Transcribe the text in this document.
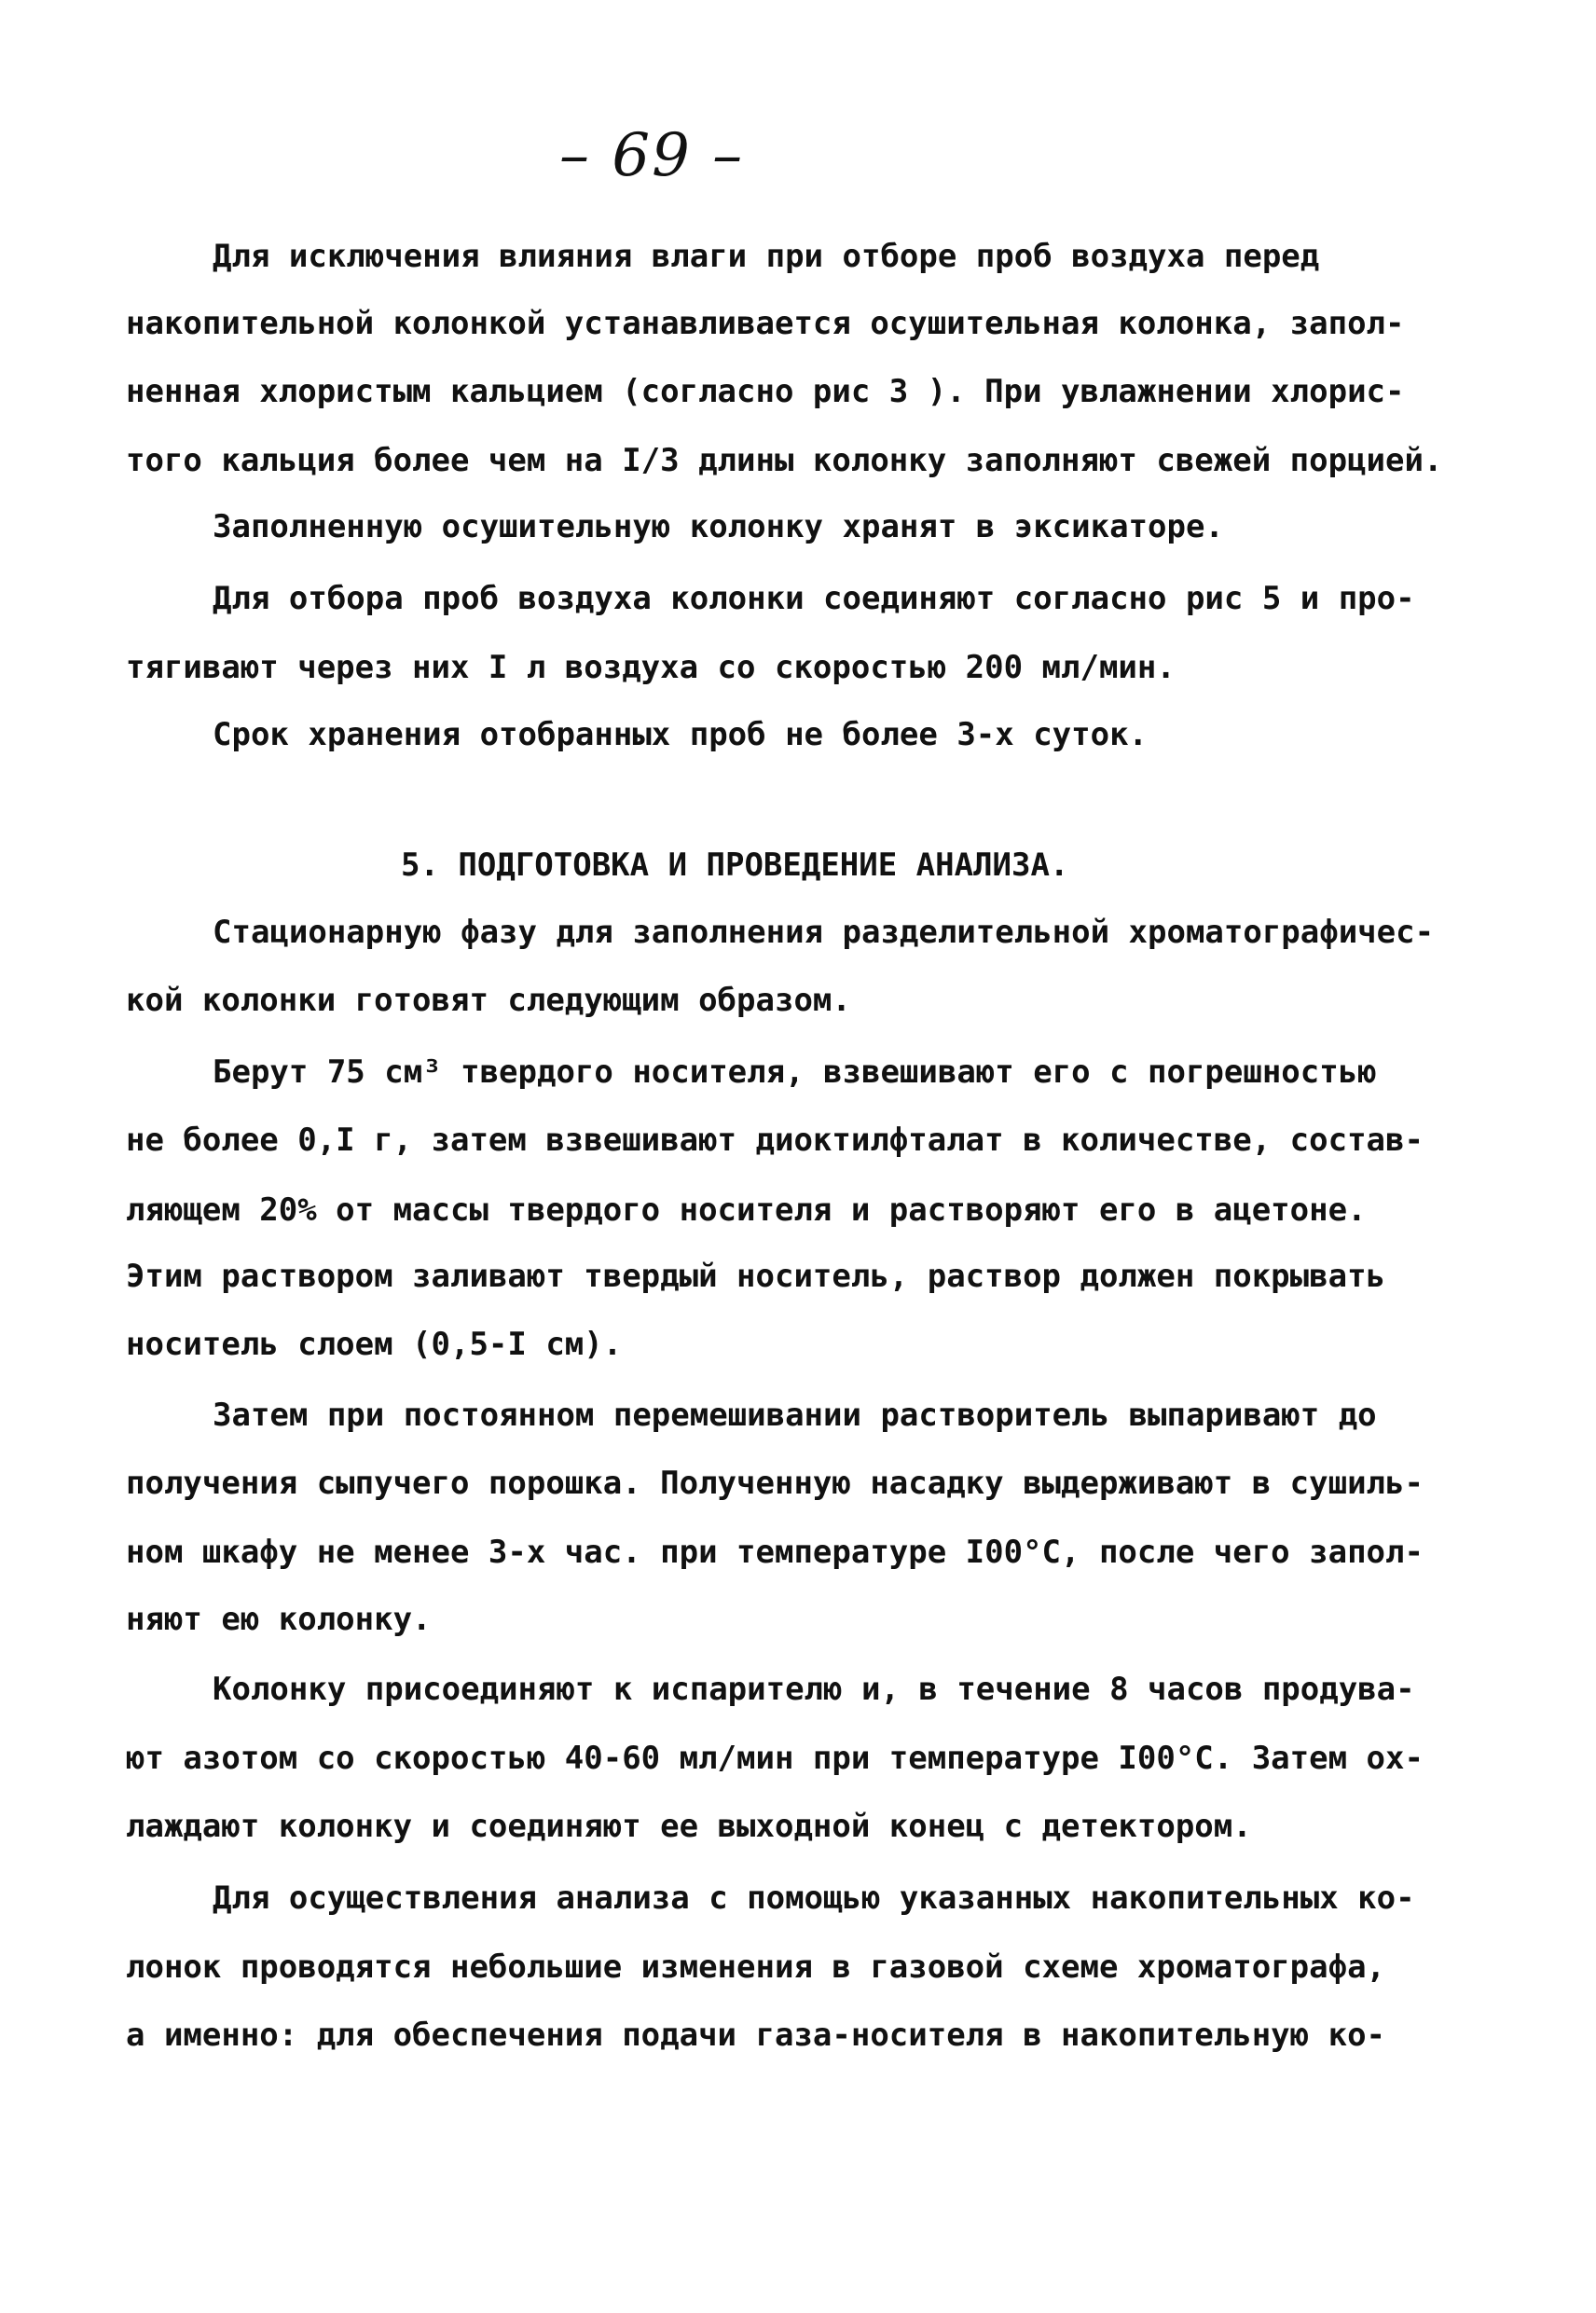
– 69 –
Для исключения влияния влаги при отборе проб воздуха перед
накопительной колонкой устанавливается осушительная колонка, запол-
ненная хлористым кальцием (согласно рис 3 ). При увлажнении хлорис-
того кальция более чем на I/3 длины колонку заполняют свежей порцией.
Заполненную осушительную колонку хранят в эксикаторе.
Для отбора проб воздуха колонки соединяют согласно рис 5 и про-
тягивают через них I л воздуха со скоростью 200 мл/мин.
Срок хранения отобранных проб не более 3-х суток.
5. ПОДГОТОВКА И ПРОВЕДЕНИЕ АНАЛИЗА.
Стационарную фазу для заполнения разделительной хроматографичес-
кой колонки готовят следующим образом.
Берут 75 см³ твердого носителя, взвешивают его с погрешностью
не более 0,I г, затем взвешивают диоктилфталат в количестве, состав-
ляющем 20% от массы твердого носителя и растворяют его в ацетоне.
Этим раствором заливают твердый носитель, раствор должен покрывать
носитель слоем (0,5-I см).
Затем при постоянном перемешивании растворитель выпаривают до
получения сыпучего порошка. Полученную насадку выдерживают в сушиль-
ном шкафу не менее 3-х час. при температуре I00°C, после чего запол-
няют ею колонку.
Колонку присоединяют к испарителю и, в течение 8 часов продува-
ют азотом со скоростью 40-60 мл/мин при температуре I00°C. Затем ох-
лаждают колонку и соединяют ее выходной конец с детектором.
Для осуществления анализа с помощью указанных накопительных ко-
лонок проводятся небольшие изменения в газовой схеме хроматографа,
а именно: для обеспечения подачи газа-носителя в накопительную ко-
